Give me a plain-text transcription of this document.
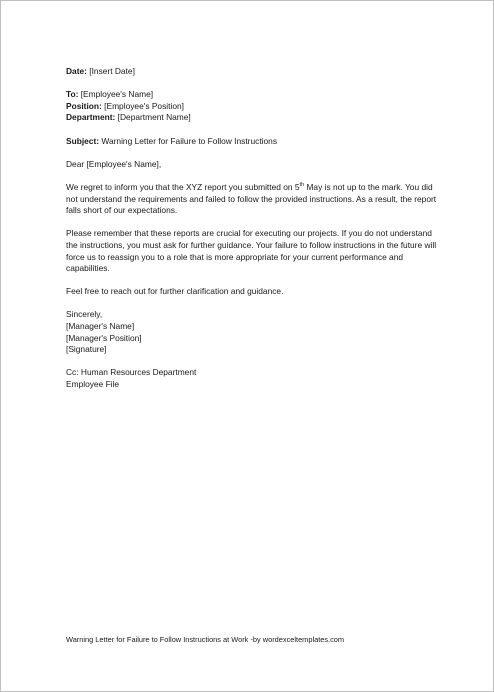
Date: [Insert Date]
To: [Employee's Name]
Position: [Employee's Position]
Department: [Department Name]
Subject: Warning Letter for Failure to Follow Instructions
Dear [Employee's Name],

We regret to inform you that the XYZ report you submitted on 5th May is not up to the mark. You did not understand the requirements and failed to follow the provided instructions. As a result, the report falls short of our expectations.

Please remember that these reports are crucial for executing our projects. If you do not understand the instructions, you must ask for further guidance. Your failure to follow instructions in the future will force us to reassign you to a role that is more appropriate for your current performance and capabilities.

Feel free to reach out for further clarification and guidance.

Sincerely,
[Manager's Name]
[Manager's Position]
[Signature]
Cc: Human Resources Department
Employee File
Warning Letter for Failure to Follow Instructions at Work -by wordexceltemplates.com
